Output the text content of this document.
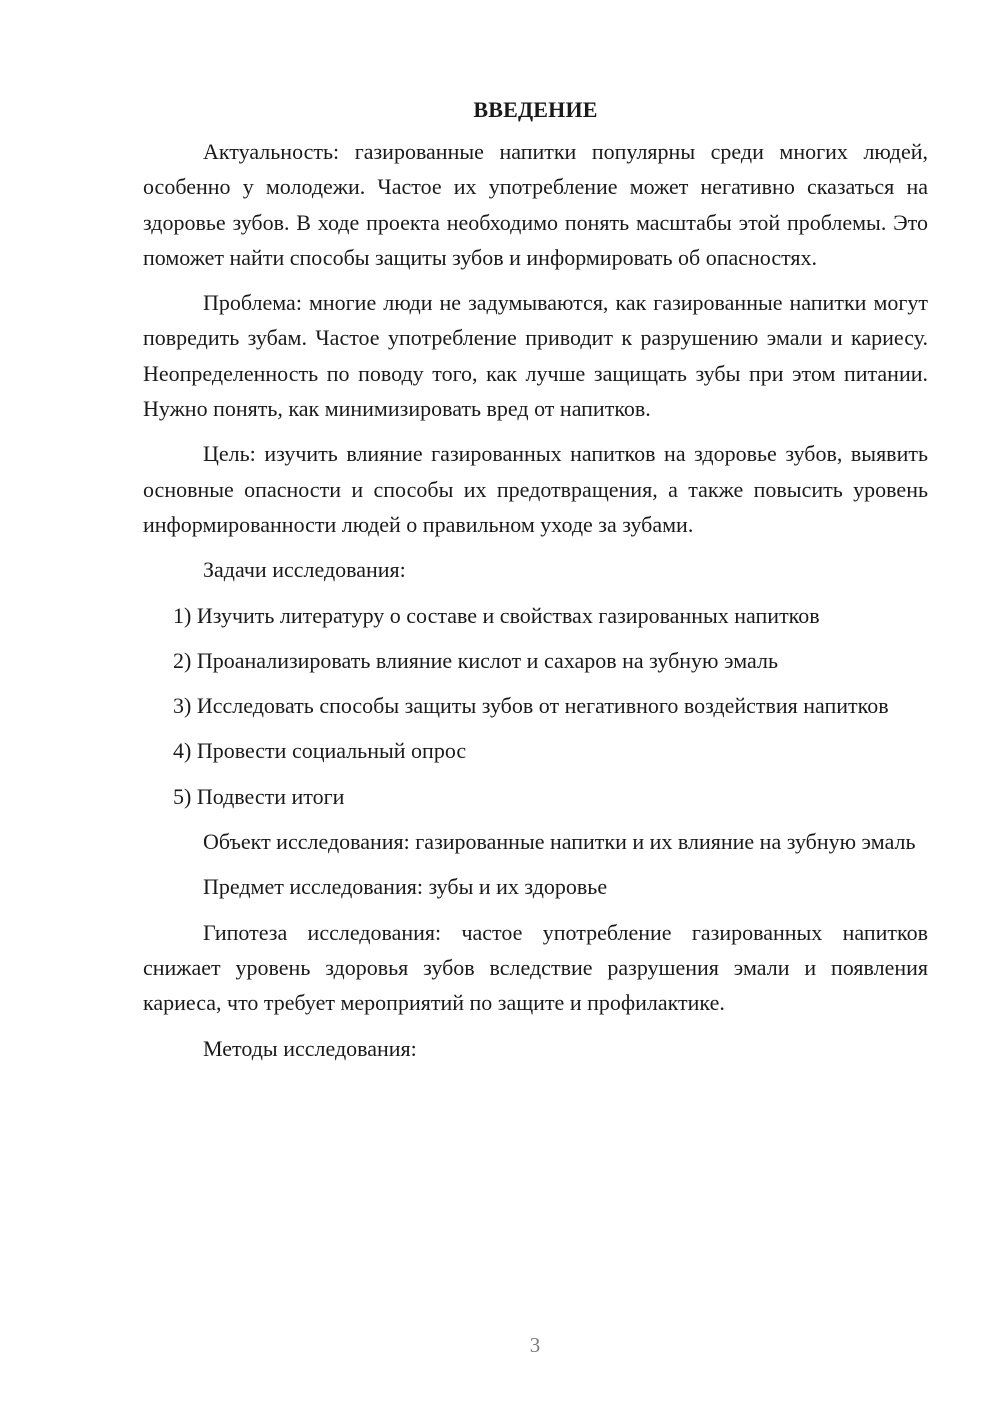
ВВЕДЕНИЕ

Актуальность: газированные напитки популярны среди многих людей, особенно у молодежи. Частое их употребление может негативно сказаться на здоровье зубов. В ходе проекта необходимо понять масштабы этой проблемы. Это поможет найти способы защиты зубов и информировать об опасностях.

Проблема: многие люди не задумываются, как газированные напитки могут повредить зубам. Частое употребление приводит к разрушению эмали и кариесу. Неопределенность по поводу того, как лучше защищать зубы при этом питании. Нужно понять, как минимизировать вред от напитков.

Цель: изучить влияние газированных напитков на здоровье зубов, выявить основные опасности и способы их предотвращения, а также повысить уровень информированности людей о правильном уходе за зубами.

Задачи исследования:

1) Изучить литературу о составе и свойствах газированных напитков

2) Проанализировать влияние кислот и сахаров на зубную эмаль

3) Исследовать способы защиты зубов от негативного воздействия напитков

4) Провести социальный опрос

5) Подвести итоги

Объект исследования: газированные напитки и их влияние на зубную эмаль

Предмет исследования: зубы и их здоровье

Гипотеза исследования: частое употребление газированных напитков снижает уровень здоровья зубов вследствие разрушения эмали и появления кариеса, что требует мероприятий по защите и профилактике.

Методы исследования:

3
